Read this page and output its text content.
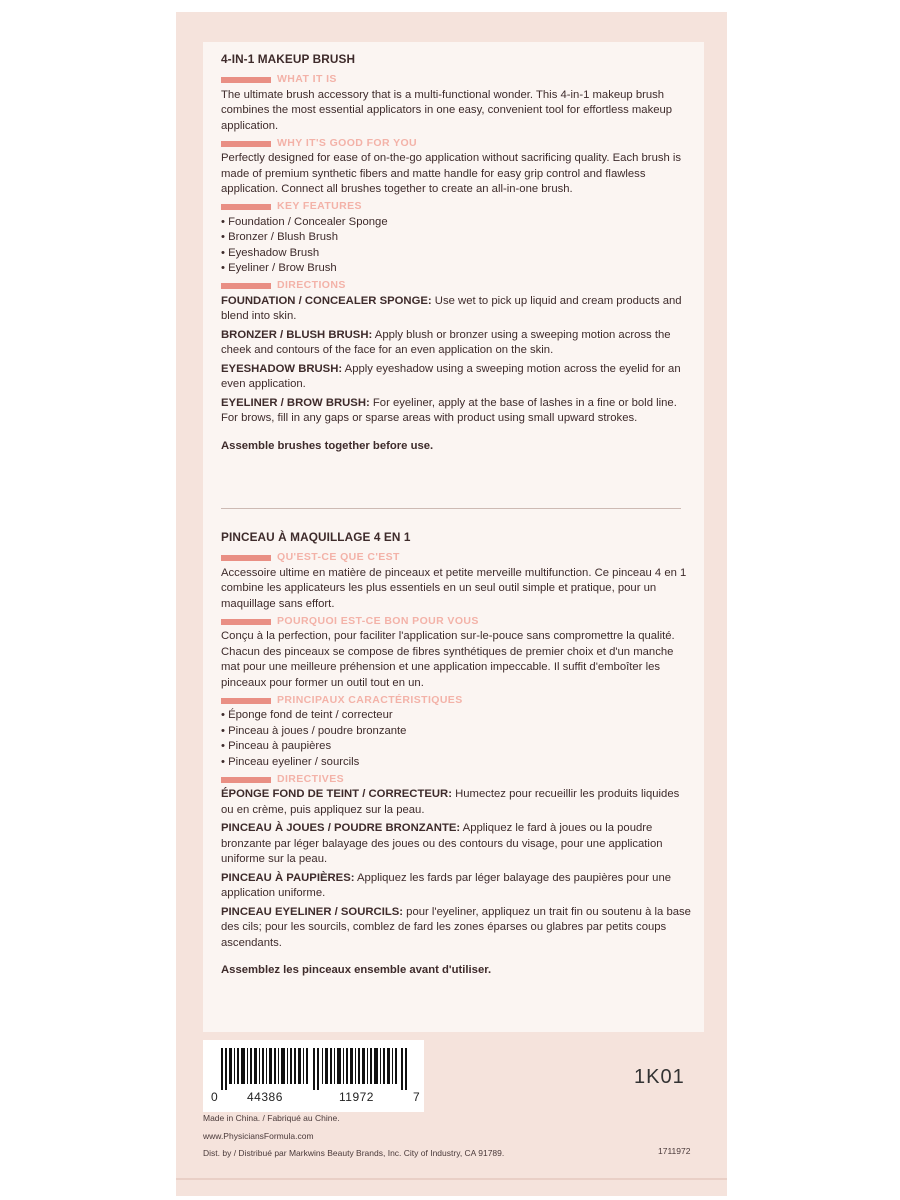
4-IN-1 MAKEUP BRUSH
WHAT IT IS

The ultimate brush accessory that is a multi-functional wonder. This 4-in-1 makeup brush combines the most essential applicators in one easy, convenient tool for effortless makeup application.

WHY IT'S GOOD FOR YOU

Perfectly designed for ease of on-the-go application without sacrificing quality. Each brush is made of premium synthetic fibers and matte handle for easy grip control and flawless application. Connect all brushes together to create an all-in-one brush.

KEY FEATURES
• Foundation / Concealer Sponge
• Bronzer / Blush Brush
• Eyeshadow Brush
• Eyeliner / Brow Brush
DIRECTIONS

FOUNDATION / CONCEALER SPONGE: Use wet to pick up liquid and cream products and blend into skin.

BRONZER / BLUSH BRUSH: Apply blush or bronzer using a sweeping motion across the cheek and contours of the face for an even application on the skin.

EYESHADOW BRUSH: Apply eyeshadow using a sweeping motion across the eyelid for an even application.

EYELINER / BROW BRUSH: For eyeliner, apply at the base of lashes in a fine or bold line. For brows, fill in any gaps or sparse areas with product using small upward strokes.

Assemble brushes together before use.

PINCEAU À MAQUILLAGE 4 EN 1
QU'EST-CE QUE C'EST

Accessoire ultime en matière de pinceaux et petite merveille multifunction. Ce pinceau 4 en 1 combine les applicateurs les plus essentiels en un seul outil simple et pratique, pour un maquillage sans effort.

POURQUOI EST-CE BON POUR VOUS

Conçu à la perfection, pour faciliter l'application sur-le-pouce sans compromettre la qualité. Chacun des pinceaux se compose de fibres synthétiques de premier choix et d'un manche mat pour une meilleure préhension et une application impeccable. Il suffit d'emboîter les pinceaux pour former un outil tout en un.

PRINCIPAUX CARACTÉRISTIQUES
• Éponge fond de teint / correcteur
• Pinceau à joues / poudre bronzante
• Pinceau à paupières
• Pinceau eyeliner / sourcils
DIRECTIVES

ÉPONGE FOND DE TEINT / CORRECTEUR: Humectez pour recueillir les produits liquides ou en crème, puis appliquez sur la peau.

PINCEAU À JOUES / POUDRE BRONZANTE: Appliquez le fard à joues ou la poudre bronzante par léger balayage des joues ou des contours du visage, pour une application uniforme sur la peau.

PINCEAU À PAUPIÈRES: Appliquez les fards par léger balayage des paupières pour une application uniforme.

PINCEAU EYELINER / SOURCILS: pour l'eyeliner, appliquez un trait fin ou soutenu à la base des cils; pour les sourcils, comblez de fard les zones éparses ou glabres par petits coups ascendants.

Assemblez les pinceaux ensemble avant d'utiliser.

0 44386	11972	7
1K01
Made in China. / Fabriqué au Chine.
www.PhysiciansFormula.com
Dist. by / Distribué par Markwins Beauty Brands, Inc. City of Industry, CA 91789.	1711972
